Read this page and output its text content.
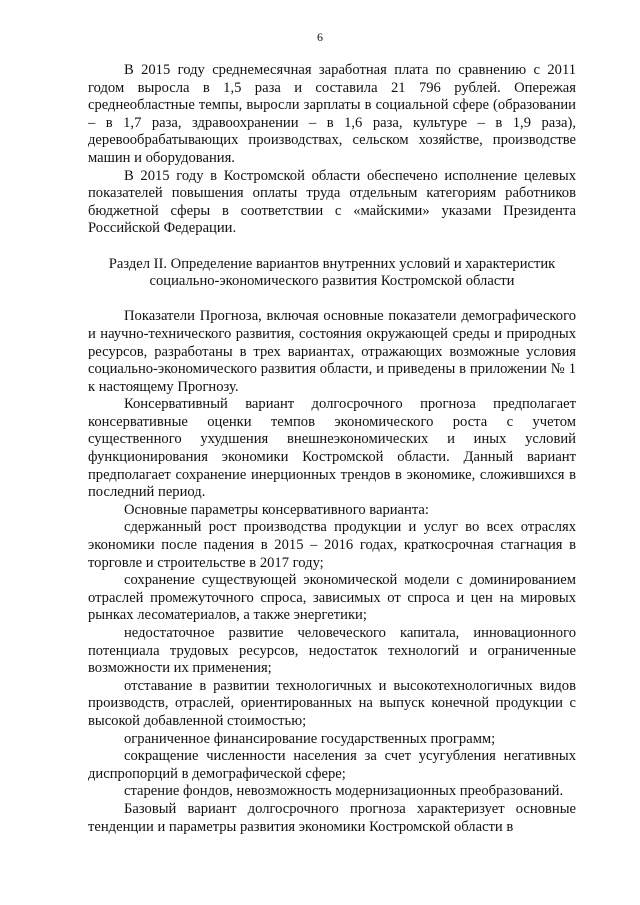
6

В 2015 году среднемесячная заработная плата по сравнению с 2011 годом выросла в 1,5 раза и составила 21 796 рублей. Опережая среднеобластные темпы, выросли зарплаты в социальной сфере (образовании – в 1,7 раза, здравоохранении – в 1,6 раза, культуре – в 1,9 раза), деревообрабатывающих производствах, сельском хозяйстве, производстве машин и оборудования.

В 2015 году в Костромской области обеспечено исполнение целевых показателей повышения оплаты труда отдельным категориям работников бюджетной сферы в соответствии с «майскими» указами Президента Российской Федерации.

Раздел II. Определение вариантов внутренних условий и характеристик социально-экономического развития Костромской области

Показатели Прогноза, включая основные показатели демографического и научно-технического развития, состояния окружающей среды и природных ресурсов, разработаны в трех вариантах, отражающих возможные условия социально-экономического развития области, и приведены в приложении № 1 к настоящему Прогнозу.

Консервативный вариант долгосрочного прогноза предполагает консервативные оценки темпов экономического роста с учетом существенного ухудшения внешнеэкономических и иных условий функционирования экономики Костромской области. Данный вариант предполагает сохранение инерционных трендов в экономике, сложившихся в последний период.

Основные параметры консервативного варианта:

сдержанный рост производства продукции и услуг во всех отраслях экономики после падения в 2015 – 2016 годах, краткосрочная стагнация в торговле и строительстве в 2017 году;

сохранение существующей экономической модели с доминированием отраслей промежуточного спроса, зависимых от спроса и цен на мировых рынках лесоматериалов, а также энергетики;

недостаточное развитие человеческого капитала, инновационного потенциала трудовых ресурсов, недостаток технологий и ограниченные возможности их применения;

отставание в развитии технологичных и высокотехнологичных видов производств, отраслей, ориентированных на выпуск конечной продукции с высокой добавленной стоимостью;

ограниченное финансирование государственных программ;

сокращение численности населения за счет усугубления негативных диспропорций в демографической сфере;

старение фондов, невозможность модернизационных преобразований.

Базовый вариант долгосрочного прогноза характеризует основные тенденции и параметры развития экономики Костромской области в
